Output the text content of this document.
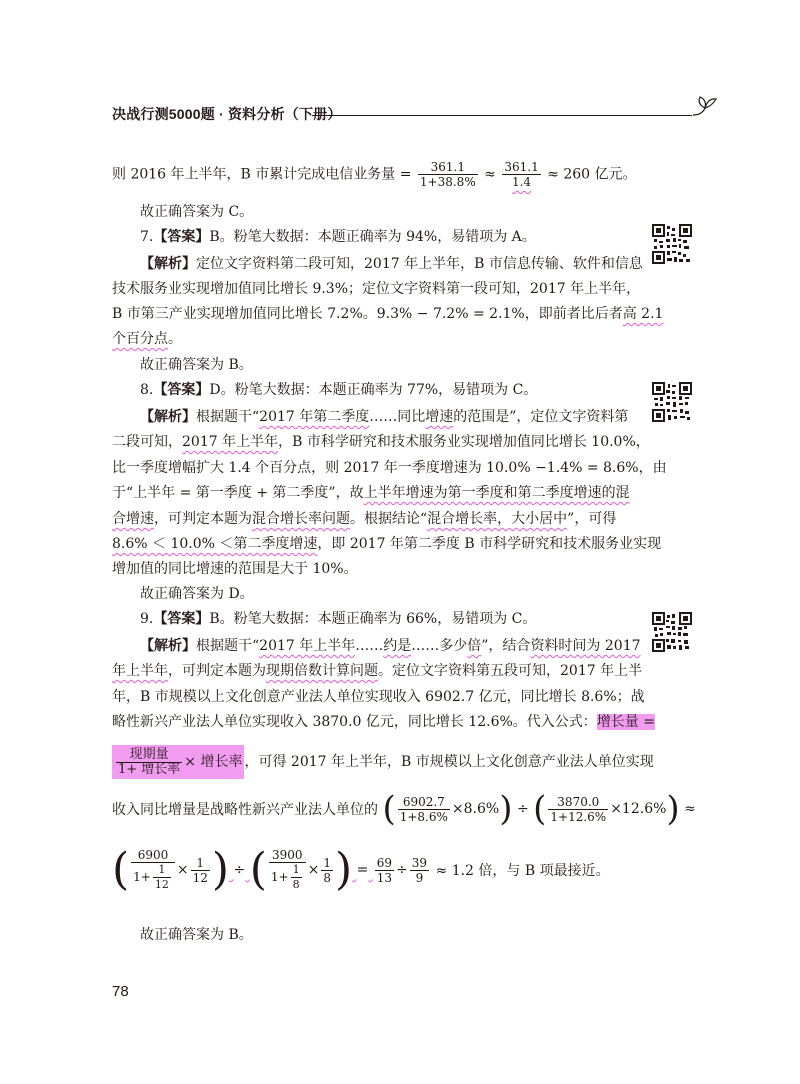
决战行测5000题 · 资料分析（下册）
则 2016 年上半年，B 市累计完成电信业务量 = $\frac{361.1}{1+38.8\%} \approx \frac{361.1}{1.4} \approx 260$ 亿元。
故正确答案为 C。
7.【答案】B。粉笔大数据：本题正确率为 94%，易错项为 A。
【解析】定位文字资料第二段可知，2017 年上半年，B 市信息传输、软件和信息
技术服务业实现增加值同比增长 9.3%；定位文字资料第一段可知，2017 年上半年，
B 市第三产业实现增加值同比增长 7.2%。9.3% − 7.2% = 2.1%，即前者比后者高 2.1
个百分点。
故正确答案为 B。
8.【答案】D。粉笔大数据：本题正确率为 77%，易错项为 C。
【解析】根据题干“2017 年第二季度……同比增速的范围是”，定位文字资料第
二段可知，2017 年上半年，B 市科学研究和技术服务业实现增加值同比增长 10.0%，
比一季度增幅扩大 1.4 个百分点，则 2017 年一季度增速为 10.0% −1.4% = 8.6%，由
于“上半年 = 第一季度 + 第二季度”，故上半年增速为第一季度和第二季度增速的混
合增速，可判定本题为混合增长率问题。根据结论“混合增长率，大小居中”，可得
8.6% ＜ 10.0% ＜第二季度增速，即 2017 年第二季度 B 市科学研究和技术服务业实现
增加值的同比增速的范围是大于 10%。
故正确答案为 D。
9.【答案】B。粉笔大数据：本题正确率为 66%，易错项为 C。
【解析】根据题干“2017 年上半年……约是……多少倍”，结合资料时间为 2017
年上半年，可判定本题为现期倍数计算问题。定位文字资料第五段可知，2017 年上半
年，B 市规模以上文化创意产业法人单位实现收入 6902.7 亿元，同比增长 8.6%；战
略性新兴产业法人单位实现收入 3870.0 亿元，同比增长 12.6%。代入公式：增长量 =
$\frac{\text{现期量}}{\text{1+ 增长率}}$ × 增长率 ，可得 2017 年上半年，B 市规模以上文化创意产业法人单位实现
收入同比增量是战略性新兴产业法人单位的 ( $\frac{6902.7}{1+8.6\%} \times 8.6\%$) ÷ ( $\frac{3870.0}{1+12.6\%} \times 12.6\%$) ≈
( $\frac{6900}{1+ \frac{1}{12}} \times \frac{1}{12}$ ) ÷ ( $\frac{3900}{1+ \frac{1}{8}} \times \frac{1}{8}$ ) = $\frac{69}{13} \div \frac{39}{9} \approx 1.2$ 倍，与 B 项最接近。
故正确答案为 B。
78
